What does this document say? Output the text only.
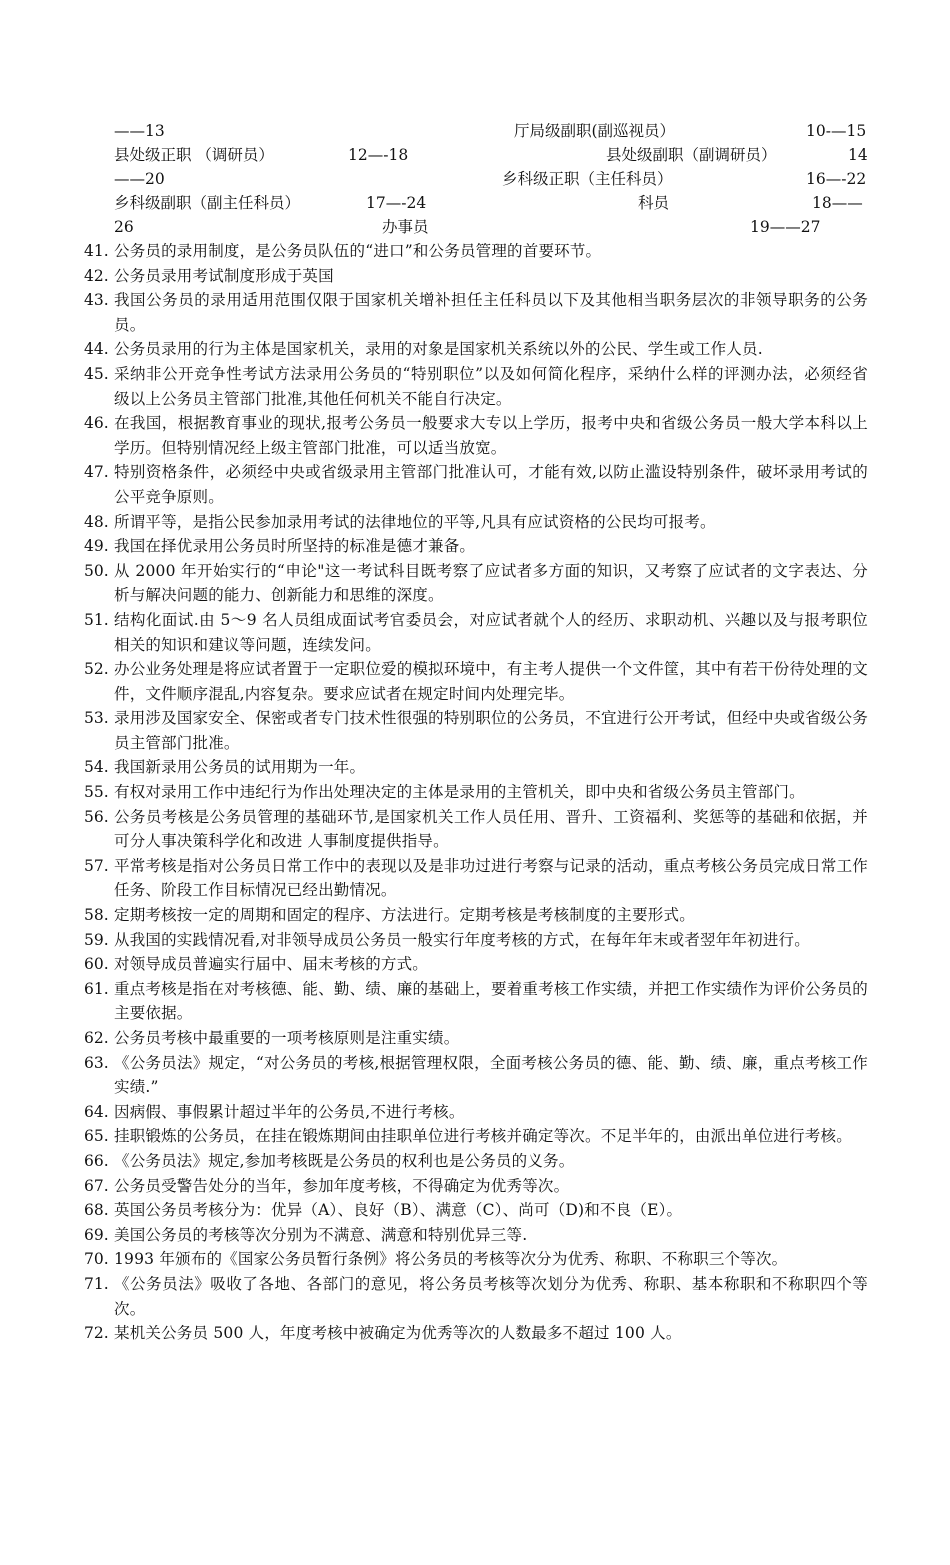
——13	厅局级副职(副巡视员）	10-—15
县处级正职 （调研员）	12—-18	县处级副职（副调研员）	14
——20	乡科级正职（主任科员）	16—-22
乡科级副职（副主任科员）	17—-24	科员	18——
26	办事员	19——27
41. 公务员的录用制度，是公务员队伍的“进口”和公务员管理的首要环节。
42. 公务员录用考试制度形成于英国
43. 我国公务员的录用适用范围仅限于国家机关增补担任主任科员以下及其他相当职务层次的非领导职务的公务员。
44. 公务员录用的行为主体是国家机关，录用的对象是国家机关系统以外的公民、学生或工作人员.
45. 采纳非公开竞争性考试方法录用公务员的“特别职位”以及如何简化程序，采纳什么样的评测办法，必须经省级以上公务员主管部门批准,其他任何机关不能自行决定。
46. 在我国，根据教育事业的现状,报考公务员一般要求大专以上学历，报考中央和省级公务员一般大学本科以上学历。但特别情况经上级主管部门批准，可以适当放宽。
47. 特别资格条件，必须经中央或省级录用主管部门批准认可，才能有效,以防止滥设特别条件，破坏录用考试的公平竞争原则。
48. 所谓平等，是指公民参加录用考试的法律地位的平等,凡具有应试资格的公民均可报考。
49. 我国在择优录用公务员时所坚持的标准是德才兼备。
50. 从 2000 年开始实行的“申论"这一考试科目既考察了应试者多方面的知识，又考察了应试者的文字表达、分析与解决问题的能力、创新能力和思维的深度。
51. 结构化面试.由 5～9 名人员组成面试考官委员会，对应试者就个人的经历、求职动机、兴趣以及与报考职位相关的知识和建议等问题，连续发问。
52. 办公业务处理是将应试者置于一定职位爱的模拟环境中，有主考人提供一个文件筐，其中有若干份待处理的文件，文件顺序混乱,内容复杂。要求应试者在规定时间内处理完毕。
53. 录用涉及国家安全、保密或者专门技术性很强的特别职位的公务员，不宜进行公开考试，但经中央或省级公务员主管部门批准。
54. 我国新录用公务员的试用期为一年。
55. 有权对录用工作中违纪行为作出处理决定的主体是录用的主管机关，即中央和省级公务员主管部门。
56. 公务员考核是公务员管理的基础环节,是国家机关工作人员任用、晋升、工资福利、奖惩等的基础和依据，并可分人事决策科学化和改进 人事制度提供指导。
57. 平常考核是指对公务员日常工作中的表现以及是非功过进行考察与记录的活动，重点考核公务员完成日常工作任务、阶段工作目标情况已经出勤情况。
58. 定期考核按一定的周期和固定的程序、方法进行。定期考核是考核制度的主要形式。
59. 从我国的实践情况看,对非领导成员公务员一般实行年度考核的方式，在每年年末或者翌年年初进行。
60. 对领导成员普遍实行届中、届末考核的方式。
61. 重点考核是指在对考核德、能、勤、绩、廉的基础上，要着重考核工作实绩，并把工作实绩作为评价公务员的主要依据。
62. 公务员考核中最重要的一项考核原则是注重实绩。
63. 《公务员法》规定，“对公务员的考核,根据管理权限，全面考核公务员的德、能、勤、绩、廉，重点考核工作实绩.”
64. 因病假、事假累计超过半年的公务员,不进行考核。
65. 挂职锻炼的公务员，在挂在锻炼期间由挂职单位进行考核并确定等次。不足半年的，由派出单位进行考核。
66. 《公务员法》规定,参加考核既是公务员的权利也是公务员的义务。
67. 公务员受警告处分的当年，参加年度考核，不得确定为优秀等次。
68. 英国公务员考核分为：优异（A）、良好（B）、满意（C）、尚可（D)和不良（E）。
69. 美国公务员的考核等次分别为不满意、满意和特别优异三等.
70. 1993 年颁布的《国家公务员暂行条例》将公务员的考核等次分为优秀、称职、不称职三个等次。
71. 《公务员法》吸收了各地、各部门的意见，将公务员考核等次划分为优秀、称职、基本称职和不称职四个等次。
72. 某机关公务员 500 人，年度考核中被确定为优秀等次的人数最多不超过 100 人。
